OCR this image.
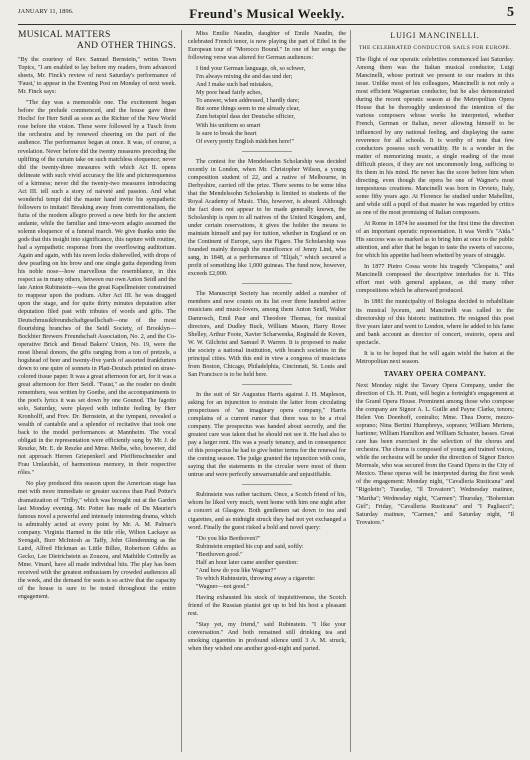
JANUARY 11, 1896.	Freund's Musical Weekly.	5
MUSICAL MATTERS
AND OTHER THINGS.

"By the courtesy of Rev. Samuel Bernstein," writes Town Topics, "I am enabled to lay before my readers, from advanced sheets, Mr. Finck's review of next Saturday's performance of 'Faust,' to appear in the Evening Post on Monday of next week. Mr. Finck says:

"The day was a memorable one. The excitement began before the prelude commenced, and the house gave three Hochs! for Herr Seidl as soon as the Richter of the New World rose before the vision. These were followed by a Tusch from the orchestra and by renewed cheering on the part of the audience. The performance began at once. It was, of course, a revelation. Never before did the twenty measures preceding the uplifting of the curtain take on such matchless eloquence; never did the twenty-three measures with which Act II. opens delineate with such vivid accuracy the life and picturesqueness of a kirmess; never did the twenty-two measures introducing Act III. tell such a story of naiveté and passion. And what wonderful tempi did the master hand invite his sympathetic followers to imitate! Breaking away from conventionalism, the furia of the modern allegro proved a new birth for the ancient andante, while the familiar and time-worn adagio assumed the solemn eloquence of a funeral march. We give thanks unto the gods that this insight into significance, this rapture with routine, had a sympathetic response from the overflowing auditorium. Again and again, with his raven locks dishevelled, with drops of dew pearling on his brow and one single gutta depending from his noble nose—how marvellous the resemblance, in this respect as in many others, between our own Anton Seidl and the late Anton Rubinstein—was the great Kapellmeister constrained to reappear upon the podium. After Act III. he was dragged upon the stage, and for quite thirty minutes deputation after deputation filed past with tributes of words and gifts. The Deutschmusikfreundschaftgesellschaft—one of the most flourishing branches of the Seidl Society, of Brooklyn—Bockbier Brewers Freundschaft Association, No. 2, and the Co-operative Brick and Bread Bakers' Union, No. 19, were the most liberal donors, the gifts ranging from a ton of pretzels, a hogshead of beer and twenty-five yards of assorted frankfurters down to one quire of sonnets in Platt-Deutsch printed on straw-colored tissue paper. It was a great afternoon for art, for it was a great afternoon for Herr Seidl. "Faust," as the reader no doubt remembers, was written by Goethe, and the accompaniments to the poet's lyrics it was set down by one Gounod. The fagotto solo, Saturday, were played with infinite feeling by Herr Kronholff, and Frev. Dr. Bernstein, at the tympani, revealed a wealth of cantabile and a splendor of recitative that took one back to the model performances at Mannheim. The vocal obligati in the representation were efficiently sung by Mr. J. de Reszke, Mr. E. de Reszke and Mme. Melba, who, however, did not approach Herren Griepenkerl and Pfeiffenschneider and Frau Umlaufski, of harmonious memory, in their respective rôles."

No play produced this season upon the American stage has met with more immediate or greater success than Paul Potter's dramatization of "Trilby," which was brought out at the Garden last Monday evening. Mr. Potter has made of Du Maurier's famous novel a powerful and intensely interesting drama, which is admirably acted at every point by Mr. A. M. Palmer's company. Virginia Harned in the title rôle, Wilton Lackaye as Svengali, Burr McIntosh as Taffy, John Glendenning as the Laird, Alfred Hickman as Little Billee, Robertson Gibbs as Gecko, Lee Dietrichstein as Zouzou, and Mathilde Cottrelly as Mme. Vinard, have all made individual hits. The play has been received with the greatest enthusiasm by crowded audiences all the week, and the demand for seats is so active that the capacity of the house is sure to be tested throughout the entire engagement.

Miss Emilie Naudin, daughter of Emile Naudin, the celebrated French tenor, is now playing the part of Ethel in the European tour of "Morocco Bound." In one of her songs the following verse was altered for German audiences:

I find your German language, oh, so schwer,
I'm always mixing die and das und der;
And I make such bad mistakes,
My poor head fairly aches,
To answer, when addressed, I hardly dare;
But some things seem to me already clear,
Zum beispiel dass der Deutsche officier,
With his uniform so smart
Is sure to break the heart
Of every pretty English mädchen here!"

The contest for the Mendelssohn Scholarship was decided recently in London, when Mr. Christopher Wilson, a young composition student of 22, and a native of Melbourne, in Derbyshire, carried off the prize. There seems to be some idea that the Mendelssohn Scholarship is limited to students of the Royal Academy of Music. This, however, is absurd. Although the fact does not appear to be made generally known, the Scholarship is open to all natives of the United Kingdom, and, under certain reservations, it gives the holder the means to maintain himself and pay for tuition, whether in England or on the Continent of Europe, says the Figaro. The Scholarship was founded mainly through the munificence of Jenny Lind, who sang, in 1848, at a performance of "Elijah," which secured a profit of something like 1,000 guineas. The fund now, however, exceeds £2,000.

The Manuscript Society has recently added a number of members and now counts on its list over three hundred active musicians and music-lovers, among them Anton Seidl, Walter Damrosch, Emil Paur and Theodore Thomas, for musical directors, and Dudley Buck, William Mason, Harry Rowe Shelley, Arthur Foote, Xavier Scharwenka, Reginald de Koven, W. W. Gilchrist and Samuel P. Warren. It is proposed to make the society a national institution, with branch societies in the principal cities. With this end in view a congress of musicians from Boston, Chicago, Philadelphia, Cincinnati, St. Louis and San Francisco is to be held here.

In the suit of Sir Augustus Harris against J. H. Mapleson, asking for an injunction to restrain the latter from circulating prospectuses of "an imaginary opera company," Harris complains of a current rumor that there was to be a rival company. The prospectus was handed about secretly, and the greatest care was taken that he should not see it. He had also to pay a larger rent. His was a yearly tenancy, and in consequence of this prospectus he had to give better terms for the renewal for the coming season. The judge granted the injunction with costs, saying that the statements in the circular were most of them untrue and were perfectly unwarrantable and unjustifiable.

Rubinstein was rather taciturn. Once, a Scotch friend of his, whom he liked very much, went home with him one night after a concert at Glasgow. Both gentlemen sat down to tea and cigarettes, and as midnight struck they had not yet exchanged a word. Finally the guest risked a bold and novel query:

"Do you like Beethoven?"
Rubinstein emptied his cup and said, softly:
"Beethoven good."
Half an hour later came another question:
"And how do you like Wagner?"
To which Rubinstein, throwing away a cigarette:
"Wagner—not good."

Having exhausted his stock of inquisitiveness, the Scotch friend of the Russian pianist got up to bid his host a pleasant rest.

"Stay yet, my friend," said Rubinstein. "I like your conversation." And both remained still drinking tea and smoking cigarettes in profound silence until 3 A. M. struck, when they wished one another good-night and parted.

LUIGI MANCINELLI.
THE CELEBRATED CONDUCTOR SAILS FOR EUROPE.

The flight of our operatic celebrities commenced last Saturday. Among them was the Italian musical conductor, Luigi Mancinelli, whose portrait we present to our readers in this issue. Unlike most of his colleagues, Mancinelli is not only a most efficient Wagnerian conductor, but he also demonstrated during the recent operatic season at the Metropolitan Opera House that he thoroughly understood the intention of the various composers whose works he interpreted, whether French, German or Italian, never allowing himself to be influenced by any national feeling, and displaying the same reverence for all schools. It is worthy of note that few conductors possess such versatility. He is a wonder in the matter of memorizing music, a single reading of the most difficult pieces, if they are not uncommonly long, sufficing to fix them in his mind. He never has the score before him when directing, even though the opera be one of Wagner's most tempestuous creations. Mancinelli was born in Orvieto, Italy, some fifty years ago. At Florence he studied under Mabellini, and while still a pupil of that master he was regarded by critics as one of the most promising of Italian composers.

At Rome in 1874 he assumed for the first time the direction of an important operatic representation. It was Verdi's "Aïda." His success was so marked as to bring him at once to the public attention, and after that he began to taste the sweets of success, for which his appetite had been whetted by years of struggle.

In 1877 Pietro Cossa wrote his tragedy "Cleopatra," and Mancinelli composed the descriptive interludes for it. This effort met with general applause, as did many other compositions which he afterward produced.

In 1881 the municipality of Bologna decided to rehabilitate its musical lyceum, and Mancinelli was called to the directorship of this historic institution. He resigned this post five years later and went to London, where he added to his fame and bank account as director of concert, oratorio, opera and spectacle.

It is to be hoped that he will again wield the baton at the Metropolitan next season.

TAVARY OPERA COMPANY.

Next Monday night the Tavary Opera Company, under the direction of Ch. H. Pratt, will begin a fortnight's engagement at the Grand Opera House. Prominent among those who compose the company are Signor A. L. Guille and Payne Clarke, tenors; Helen Von Doenhoff, contralto; Mme. Thea Dorre, mezzo-soprano; Nina Bertini Humphreys, soprano; William Mertens, baritone; William Hamilton and William Schuster, basses. Great care has been exercised in the selection of the chorus and orchestra. The chorus is composed of young and trained voices, while the orchestra will be under the direction of Signor Enrico Morreale, who was secured from the Grand Opera in the City of Mexico. These operas will be interpreted during the first week of the engagement: Monday night, "Cavalleria Rusticana" and "Rigoletto"; Tuesday, "Il Trovatore"; Wednesday matinee, "Martha"; Wednesday night, "Carmen"; Thursday, "Bohemian Girl"; Friday, "Cavalleria Rusticana" and "I Pagliacci"; Saturday matinee, "Carmen," and Saturday night, "Il Trovatore."
